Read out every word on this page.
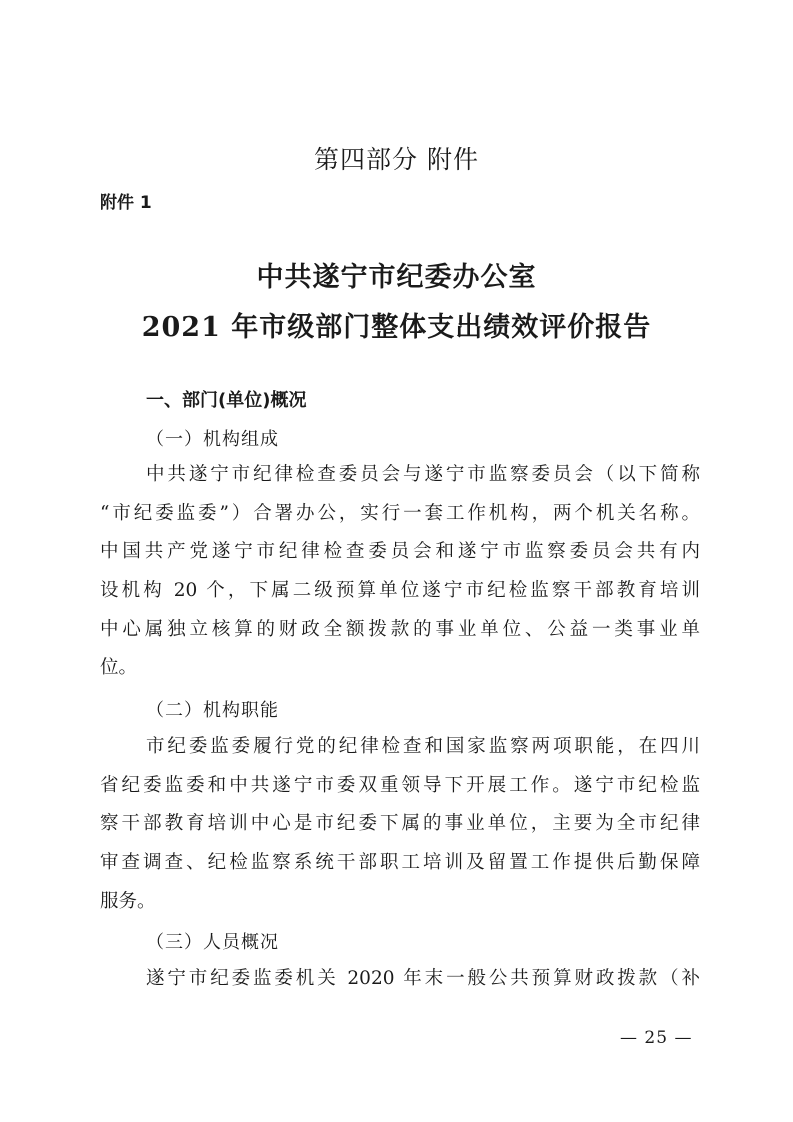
第四部分 附件
附件 1
中共遂宁市纪委办公室
2021 年市级部门整体支出绩效评价报告
一、部门(单位)概况
（一）机构组成
中共遂宁市纪律检查委员会与遂宁市监察委员会（以下简称
“市纪委监委”）合署办公，实行一套工作机构，两个机关名称。
中国共产党遂宁市纪律检查委员会和遂宁市监察委员会共有内
设机构 20 个，下属二级预算单位遂宁市纪检监察干部教育培训
中心属独立核算的财政全额拨款的事业单位、公益一类事业单
位。
（二）机构职能
市纪委监委履行党的纪律检查和国家监察两项职能，在四川
省纪委监委和中共遂宁市委双重领导下开展工作。遂宁市纪检监
察干部教育培训中心是市纪委下属的事业单位，主要为全市纪律
审查调查、纪检监察系统干部职工培训及留置工作提供后勤保障
服务。
（三）人员概况
遂宁市纪委监委机关 2020 年末一般公共预算财政拨款（补
— 25 —
